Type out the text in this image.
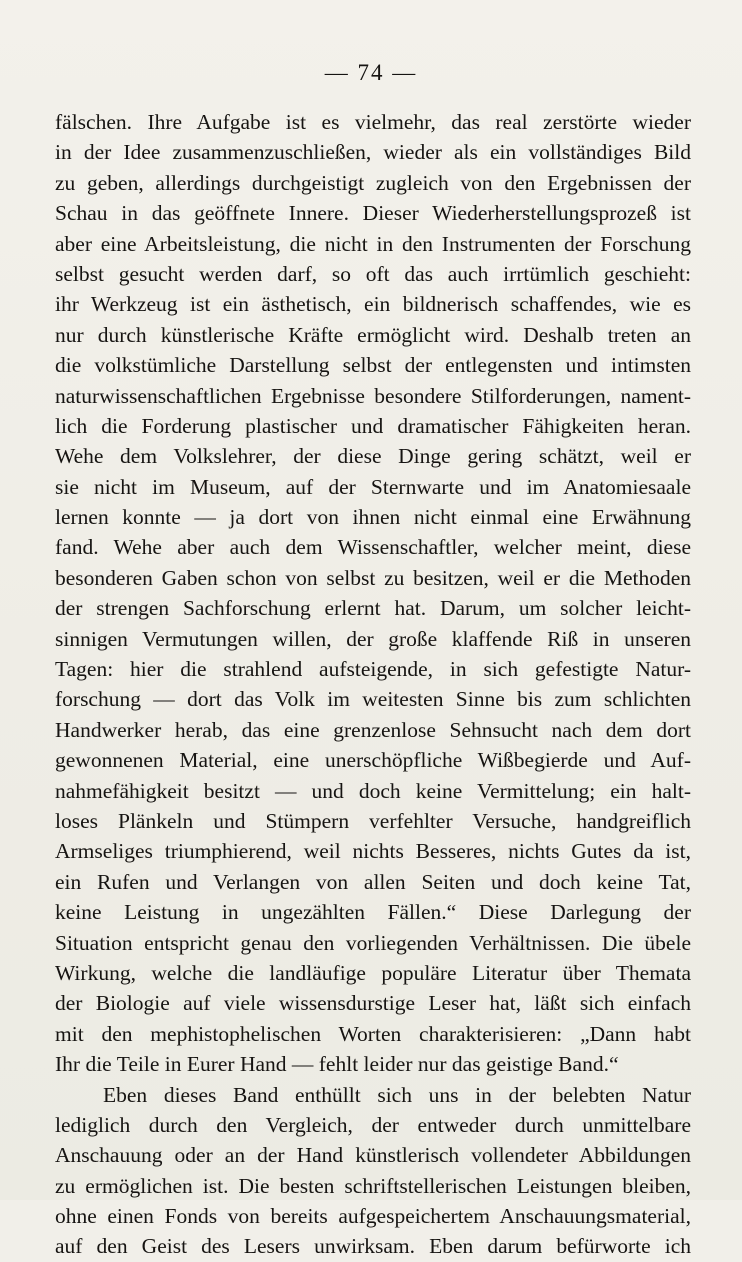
— 74 —
fälschen. Ihre Aufgabe ist es vielmehr, das real zerstörte wieder
in der Idee zusammenzuschließen, wieder als ein vollständiges Bild
zu geben, allerdings durchgeistigt zugleich von den Ergebnissen der
Schau in das geöffnete Innere. Dieser Wiederherstellungsprozeß ist
aber eine Arbeitsleistung, die nicht in den Instrumenten der Forschung
selbst gesucht werden darf, so oft das auch irrtümlich geschieht:
ihr Werkzeug ist ein ästhetisch, ein bildnerisch schaffendes, wie es
nur durch künstlerische Kräfte ermöglicht wird. Deshalb treten an
die volkstümliche Darstellung selbst der entlegensten und intimsten
naturwissenschaftlichen Ergebnisse besondere Stilforderungen, nament-
lich die Forderung plastischer und dramatischer Fähigkeiten heran.
Wehe dem Volkslehrer, der diese Dinge gering schätzt, weil er
sie nicht im Museum, auf der Sternwarte und im Anatomiesaale
lernen konnte — ja dort von ihnen nicht einmal eine Erwähnung
fand. Wehe aber auch dem Wissenschaftler, welcher meint, diese
besonderen Gaben schon von selbst zu besitzen, weil er die Methoden
der strengen Sachforschung erlernt hat. Darum, um solcher leicht-
sinnigen Vermutungen willen, der große klaffende Riß in unseren
Tagen: hier die strahlend aufsteigende, in sich gefestigte Natur-
forschung — dort das Volk im weitesten Sinne bis zum schlichten
Handwerker herab, das eine grenzenlose Sehnsucht nach dem dort
gewonnenen Material, eine unerschöpfliche Wißbegierde und Auf-
nahmefähigkeit besitzt — und doch keine Vermittelung; ein halt-
loses Plänkeln und Stümpern verfehlter Versuche, handgreiflich
Armseliges triumphierend, weil nichts Besseres, nichts Gutes da ist,
ein Rufen und Verlangen von allen Seiten und doch keine Tat,
keine Leistung in ungezählten Fällen.“ Diese Darlegung der
Situation entspricht genau den vorliegenden Verhältnissen. Die übele
Wirkung, welche die landläufige populäre Literatur über Themata
der Biologie auf viele wissensdurstige Leser hat, läßt sich einfach
mit den mephistophelischen Worten charakterisieren: „Dann habt
Ihr die Teile in Eurer Hand — fehlt leider nur das geistige Band.“
Eben dieses Band enthüllt sich uns in der belebten Natur
lediglich durch den Vergleich, der entweder durch unmittelbare
Anschauung oder an der Hand künstlerisch vollendeter Abbildungen
zu ermöglichen ist. Die besten schriftstellerischen Leistungen bleiben,
ohne einen Fonds von bereits aufgespeichertem Anschauungsmaterial,
auf den Geist des Lesers unwirksam. Eben darum befürworte ich
